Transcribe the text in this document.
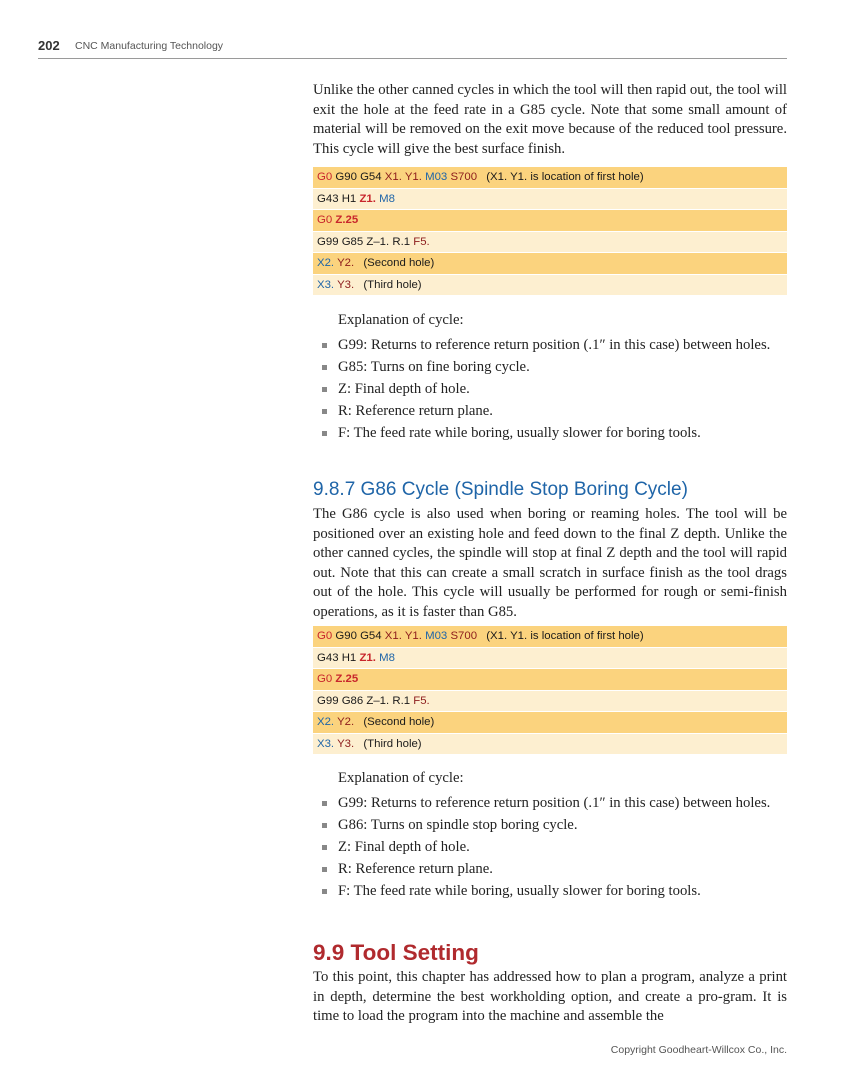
202 CNC Manufacturing Technology

Unlike the other canned cycles in which the tool will then rapid out, the tool will exit the hole at the feed rate in a G85 cycle. Note that some small amount of material will be removed on the exit move because of the reduced tool pressure. This cycle will give the best surface finish.

G0 G90 G54 X1. Y1. M03 S700 (X1. Y1. is location of first hole)
G43 H1 Z1. M8
G0 Z.25
G99 G85 Z–1. R.1 F5.
X2. Y2. (Second hole)
X3. Y3. (Third hole)

Explanation of cycle:

G99: Returns to reference return position (.1″ in this case) between holes.
G85: Turns on fine boring cycle.
Z: Final depth of hole.
R: Reference return plane.
F: The feed rate while boring, usually slower for boring tools.
9.8.7 G86 Cycle (Spindle Stop Boring Cycle)

The G86 cycle is also used when boring or reaming holes. The tool will be positioned over an existing hole and feed down to the final Z depth. Unlike the other canned cycles, the spindle will stop at final Z depth and the tool will rapid out. Note that this can create a small scratch in surface finish as the tool drags out of the hole. This cycle will usually be performed for rough or semi-finish operations, as it is faster than G85.

G0 G90 G54 X1. Y1. M03 S700 (X1. Y1. is location of first hole)
G43 H1 Z1. M8
G0 Z.25
G99 G86 Z–1. R.1 F5.
X2. Y2. (Second hole)
X3. Y3. (Third hole)

Explanation of cycle:

G99: Returns to reference return position (.1″ in this case) between holes.
G86: Turns on spindle stop boring cycle.
Z: Final depth of hole.
R: Reference return plane.
F: The feed rate while boring, usually slower for boring tools.
9.9 Tool Setting

To this point, this chapter has addressed how to plan a program, analyze a print in depth, determine the best workholding option, and create a pro-gram. It is time to load the program into the machine and assemble the

Copyright Goodheart-Willcox Co., Inc.
